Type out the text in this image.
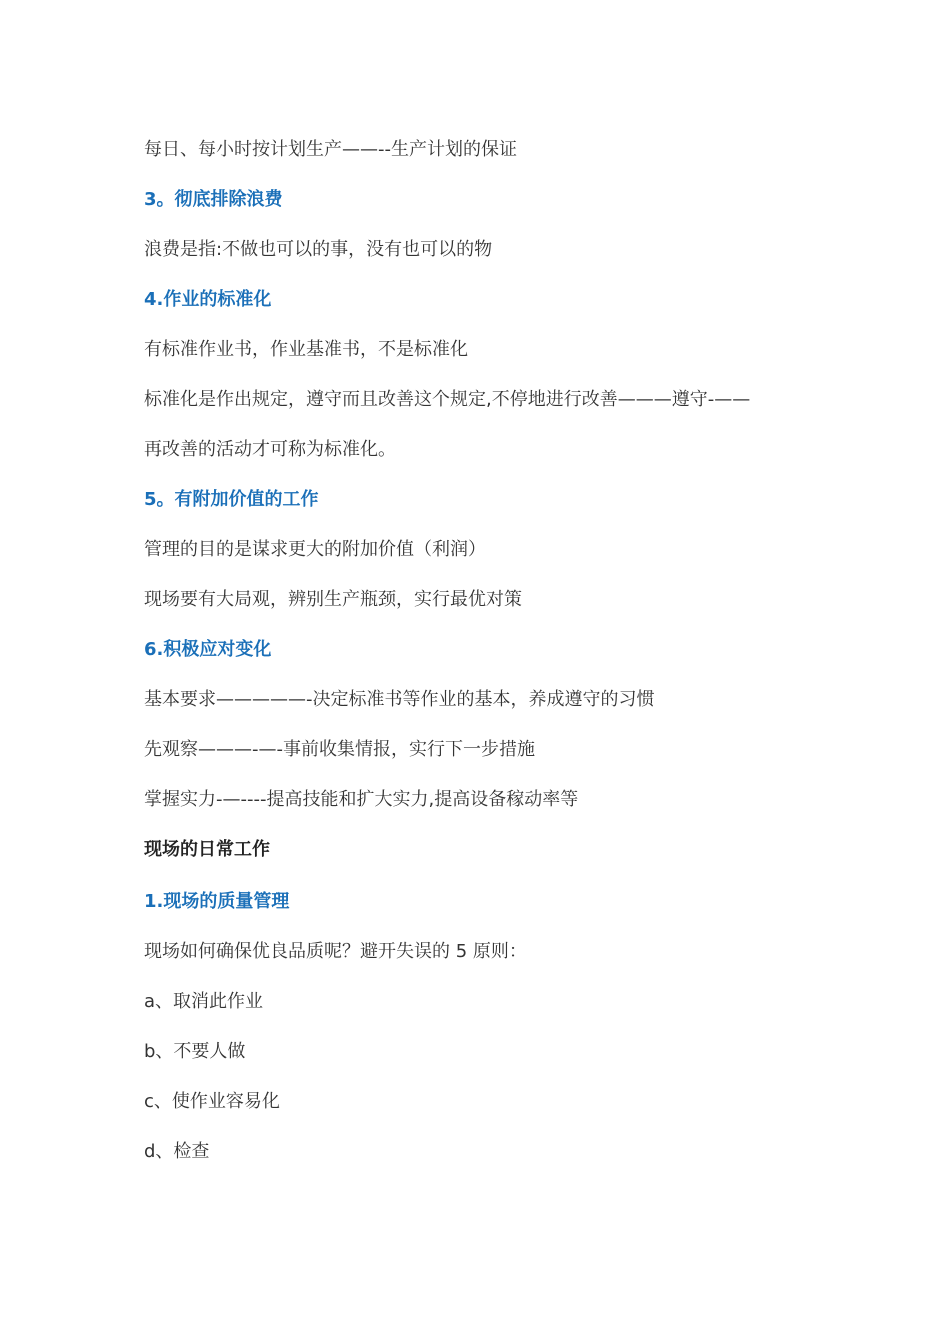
每日、每小时按计划生产——--生产计划的保证
3。彻底排除浪费
浪费是指:不做也可以的事，没有也可以的物
4.作业的标准化
有标准作业书，作业基准书，不是标准化
标准化是作出规定，遵守而且改善这个规定,不停地进行改善———遵守-——
再改善的活动才可称为标准化。
5。有附加价值的工作
管理的目的是谋求更大的附加价值（利润）
现场要有大局观，辨别生产瓶颈，实行最优对策
6.积极应对变化
基本要求—————-决定标准书等作业的基本，养成遵守的习惯
先观察———-—-事前收集情报，实行下一步措施
掌握实力-—----提高技能和扩大实力,提高设备稼动率等
现场的日常工作
1.现场的质量管理
现场如何确保优良品质呢？避开失误的 5 原则：
a、取消此作业
b、不要人做
c、使作业容易化
d、检查
